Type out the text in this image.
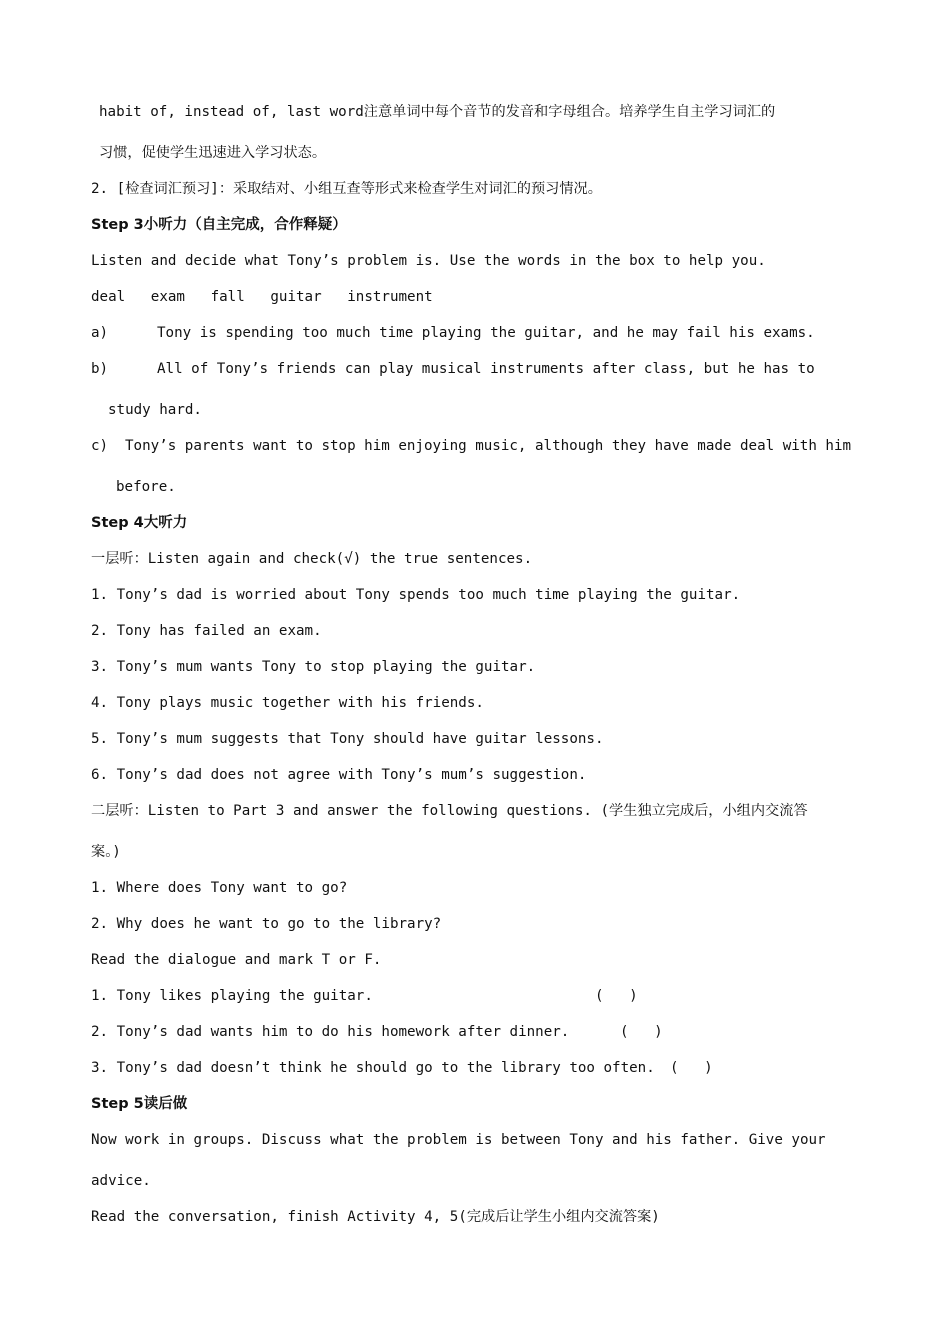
habit of, instead of, last word注意单词中每个音节的发音和字母组合。培养学生自主学习词汇的
习惯，促使学生迅速进入学习状态。
2. [检查词汇预习]：采取结对、小组互查等形式来检查学生对词汇的预习情况。
Step 3小听力（自主完成，合作释疑）
Listen and decide what Tony’s problem is. Use the words in the box to help you.
deal   exam   fall   guitar   instrument
a)	Tony is spending too much time playing the guitar, and he may fail his exams.
b)	All of Tony’s friends can play musical instruments after class, but he has to
study hard.
c) Tony’s parents want to stop him enjoying music, although they have made deal with him
before.
Step 4大听力
一层听：Listen again and check(√) the true sentences.
1. Tony’s dad is worried about Tony spends too much time playing the guitar.
2. Tony has failed an exam.
3. Tony’s mum wants Tony to stop playing the guitar.
4. Tony plays music together with his friends.
5. Tony’s mum suggests that Tony should have guitar lessons.
6. Tony’s dad does not agree with Tony’s mum’s suggestion.
二层听：Listen to Part 3 and answer the following questions. (学生独立完成后，小组内交流答
案。)
1. Where does Tony want to go?
2. Why does he want to go to the library?
Read the dialogue and mark T or F.
1. Tony likes playing the guitar.	(   )
2. Tony’s dad wants him to do his homework after dinner.	(   )
3. Tony’s dad doesn’t think he should go to the library too often. (   )
Step 5读后做
Now work in groups. Discuss what the problem is between Tony and his father. Give your
advice.
Read the conversation, finish Activity 4, 5(完成后让学生小组内交流答案)
